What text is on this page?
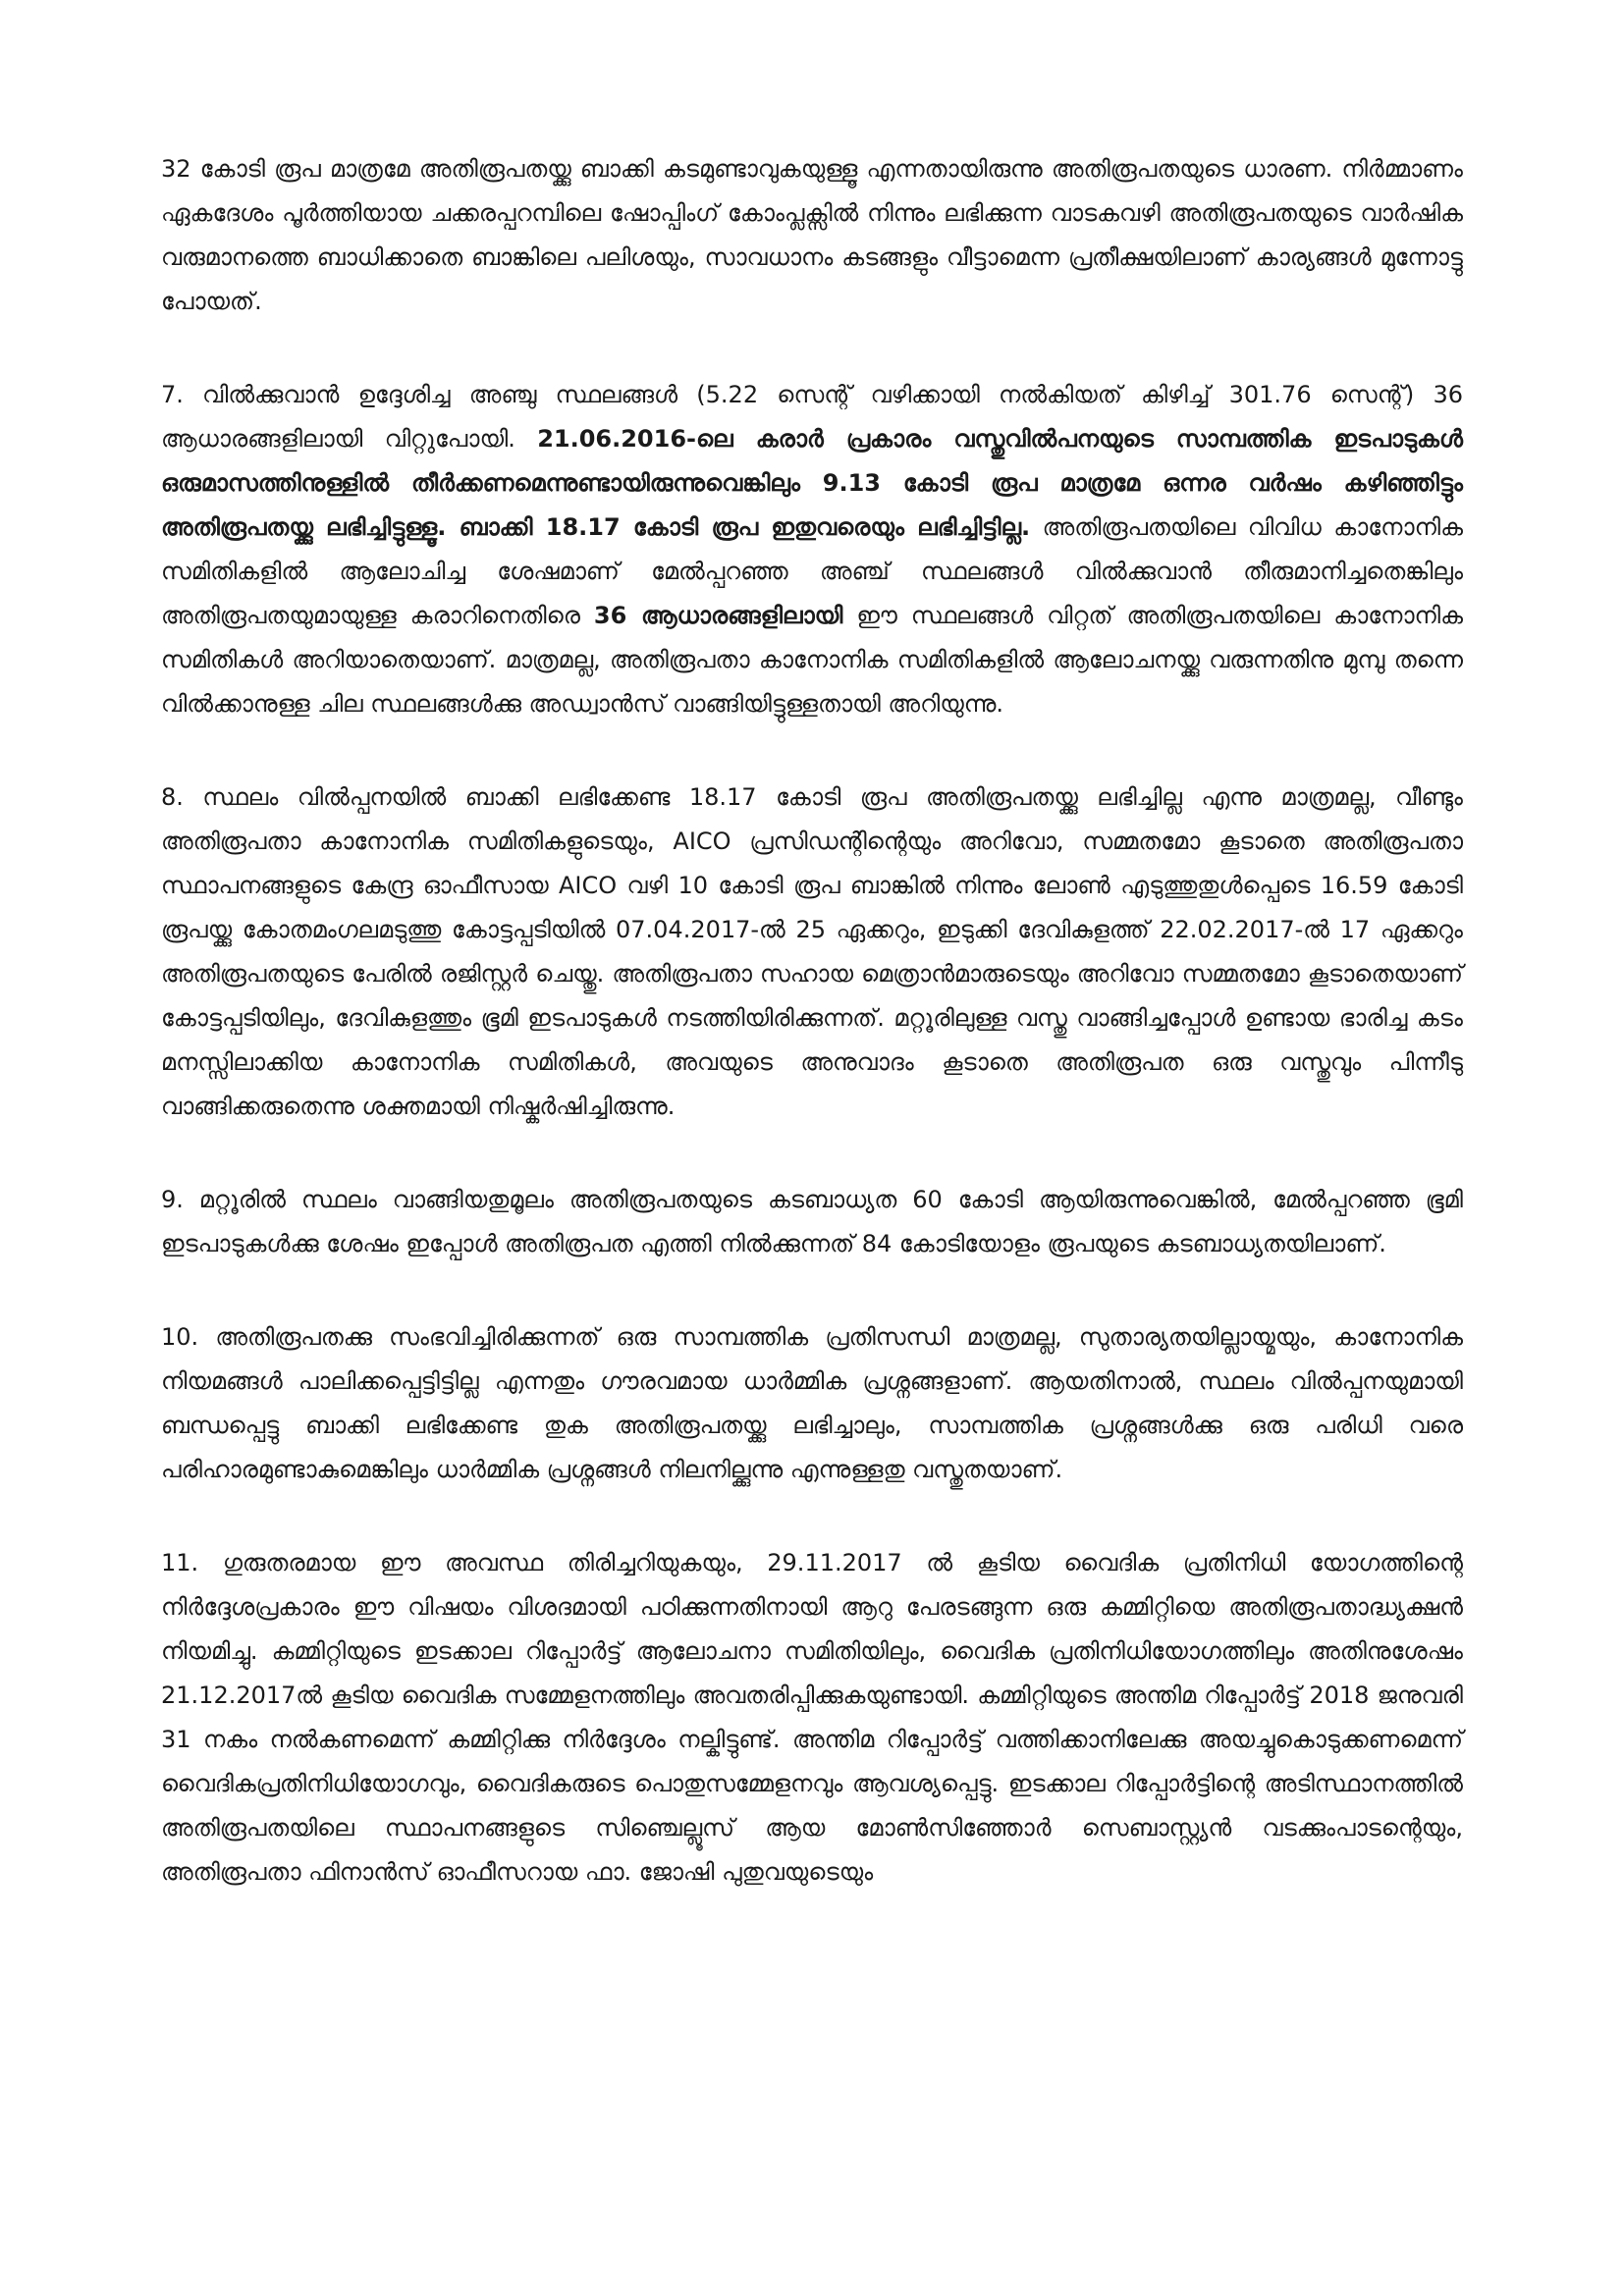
32 കോടി രൂപ മാത്രമേ അതിരൂപതയ്ക്കു ബാക്കി കടമുണ്ടാവുകയുള്ളൂ എന്നതായിരുന്നു അതിരൂപതയുടെ ധാരണ. നിർമ്മാണം ഏകദേശം പൂർത്തിയായ ചക്കരപ്പറമ്പിലെ ഷോപ്പിംഗ് കോംപ്ലക്സിൽ നിന്നും ലഭിക്കുന്ന വാടകവഴി അതിരൂപതയുടെ വാർഷിക വരുമാനത്തെ ബാധിക്കാതെ ബാങ്കിലെ പലിശയും, സാവധാനം കടങ്ങളും വീട്ടാമെന്ന പ്രതീക്ഷയിലാണ് കാര്യങ്ങൾ മുന്നോട്ടു പോയത്.

7. വിൽക്കുവാൻ ഉദ്ദേശിച്ച അഞ്ചു സ്ഥലങ്ങൾ (5.22 സെന്റ് വഴിക്കായി നൽകിയത് കിഴിച്ച് 301.76 സെന്റ്) 36 ആധാരങ്ങളിലായി വിറ്റുപോയി. 21.06.2016-ലെ കരാർ പ്രകാരം വസ്തുവിൽപനയുടെ സാമ്പത്തിക ഇടപാടുകൾ ഒരുമാസത്തിനുള്ളിൽ തീർക്കണമെന്നുണ്ടായിരുന്നുവെങ്കിലും 9.13 കോടി രൂപ മാത്രമേ ഒന്നര വർഷം കഴിഞ്ഞിട്ടും അതിരൂപതയ്ക്കു ലഭിച്ചിട്ടുള്ളൂ. ബാക്കി 18.17 കോടി രൂപ ഇതുവരെയും ലഭിച്ചിട്ടില്ല. അതിരൂപതയിലെ വിവിധ കാനോനിക സമിതികളിൽ ആലോചിച്ച ശേഷമാണ് മേൽപ്പറഞ്ഞ അഞ്ച് സ്ഥലങ്ങൾ വിൽക്കുവാൻ തീരുമാനിച്ചതെങ്കിലും അതിരൂപതയുമായുള്ള കരാറിനെതിരെ 36 ആധാരങ്ങളിലായി ഈ സ്ഥലങ്ങൾ വിറ്റത് അതിരൂപതയിലെ കാനോനിക സമിതികൾ അറിയാതെയാണ്. മാത്രമല്ല, അതിരൂപതാ കാനോനിക സമിതികളിൽ ആലോചനയ്ക്കു വരുന്നതിനു മുമ്പു തന്നെ വിൽക്കാനുള്ള ചില സ്ഥലങ്ങൾക്കു അഡ്വാൻസ് വാങ്ങിയിട്ടുള്ളതായി അറിയുന്നു.

8. സ്ഥലം വിൽപ്പനയിൽ ബാക്കി ലഭിക്കേണ്ട 18.17 കോടി രൂപ അതിരൂപതയ്ക്കു ലഭിച്ചില്ല എന്നു മാത്രമല്ല, വീണ്ടും അതിരൂപതാ കാനോനിക സമിതികളുടെയും, AICO പ്രസിഡന്റിന്റെയും അറിവോ, സമ്മതമോ കൂടാതെ അതിരൂപതാ സ്ഥാപനങ്ങളുടെ കേന്ദ്ര ഓഫീസായ AICO വഴി 10 കോടി രൂപ ബാങ്കിൽ നിന്നും ലോൺ എടുത്തുതുൾപ്പെടെ 16.59 കോടി രൂപയ്ക്കു കോതമംഗലമടുത്തു കോട്ടപ്പടിയിൽ 07.04.2017-ൽ 25 ഏക്കറും, ഇടുക്കി ദേവികുളത്ത് 22.02.2017-ൽ 17 ഏക്കറും അതിരൂപതയുടെ പേരിൽ രജിസ്റ്റർ ചെയ്തു. അതിരൂപതാ സഹായ മെത്രാൻമാരുടെയും അറിവോ സമ്മതമോ കൂടാതെയാണ് കോട്ടപ്പടിയിലും, ദേവികുളത്തും ഭൂമി ഇടപാടുകൾ നടത്തിയിരിക്കുന്നത്. മറ്റൂരിലുള്ള വസ്തു വാങ്ങിച്ചപ്പോൾ ഉണ്ടായ ഭാരിച്ച കടം മനസ്സിലാക്കിയ കാനോനിക സമിതികൾ, അവയുടെ അനുവാദം കൂടാതെ അതിരൂപത ഒരു വസ്തുവും പിന്നീടു വാങ്ങിക്കരുതെന്നു ശക്തമായി നിഷ്കർഷിച്ചിരുന്നു.

9. മറ്റൂരിൽ സ്ഥലം വാങ്ങിയതുമൂലം അതിരൂപതയുടെ കടബാധ്യത 60 കോടി ആയിരുന്നുവെങ്കിൽ, മേൽപ്പറഞ്ഞ ഭൂമി ഇടപാടുകൾക്കു ശേഷം ഇപ്പോൾ അതിരൂപത എത്തി നിൽക്കുന്നത് 84 കോടിയോളം രൂപയുടെ കടബാധ്യതയിലാണ്.

10. അതിരൂപതക്കു സംഭവിച്ചിരിക്കുന്നത് ഒരു സാമ്പത്തിക പ്രതിസന്ധി മാത്രമല്ല, സുതാര്യതയില്ലായ്മയും, കാനോനിക നിയമങ്ങൾ പാലിക്കപ്പെട്ടിട്ടില്ല എന്നതും ഗൗരവമായ ധാർമ്മിക പ്രശ്നങ്ങളാണ്. ആയതിനാൽ, സ്ഥലം വിൽപ്പനയുമായി ബന്ധപ്പെട്ടു ബാക്കി ലഭിക്കേണ്ട തുക അതിരൂപതയ്ക്കു ലഭിച്ചാലും, സാമ്പത്തിക പ്രശ്നങ്ങൾക്കു ഒരു പരിധി വരെ പരിഹാരമുണ്ടാകുമെങ്കിലും ധാർമ്മിക പ്രശ്നങ്ങൾ നിലനില്ക്കുന്നു എന്നുള്ളതു വസ്തുതയാണ്.

11. ഗുരുതരമായ ഈ അവസ്ഥ തിരിച്ചറിയുകയും, 29.11.2017 ൽ കൂടിയ വൈദിക പ്രതിനിധി യോഗത്തിന്റെ നിർദ്ദേശപ്രകാരം ഈ വിഷയം വിശദമായി പഠിക്കുന്നതിനായി ആറു പേരടങ്ങുന്ന ഒരു കമ്മിറ്റിയെ അതിരൂപതാദ്ധ്യക്ഷൻ നിയമിച്ചു. കമ്മിറ്റിയുടെ ഇടക്കാല റിപ്പോർട്ട് ആലോചനാ സമിതിയിലും, വൈദിക പ്രതിനിധിയോഗത്തിലും അതിനുശേഷം 21.12.2017ൽ കൂടിയ വൈദിക സമ്മേളനത്തിലും അവതരിപ്പിക്കുകയുണ്ടായി. കമ്മിറ്റിയുടെ അന്തിമ റിപ്പോർട്ട് 2018 ജനുവരി 31 നകം നൽകണമെന്ന് കമ്മിറ്റിക്കു നിർദ്ദേശം നല്കിട്ടുണ്ട്. അന്തിമ റിപ്പോർട്ട് വത്തിക്കാനിലേക്കു അയച്ചുകൊടുക്കണമെന്ന് വൈദികപ്രതിനിധിയോഗവും, വൈദികരുടെ പൊതുസമ്മേളനവും ആവശ്യപ്പെട്ടു. ഇടക്കാല റിപ്പോർട്ടിന്റെ അടിസ്ഥാനത്തിൽ അതിരൂപതയിലെ സ്ഥാപനങ്ങളുടെ സിഞ്ചെല്ലൂസ് ആയ മോൺസിഞ്ഞോർ സെബാസ്റ്റ്യൻ വടക്കുംപാടന്റെയും, അതിരൂപതാ ഫിനാൻസ് ഓഫീസറായ ഫാ. ജോഷി പുതുവയുടെയും
